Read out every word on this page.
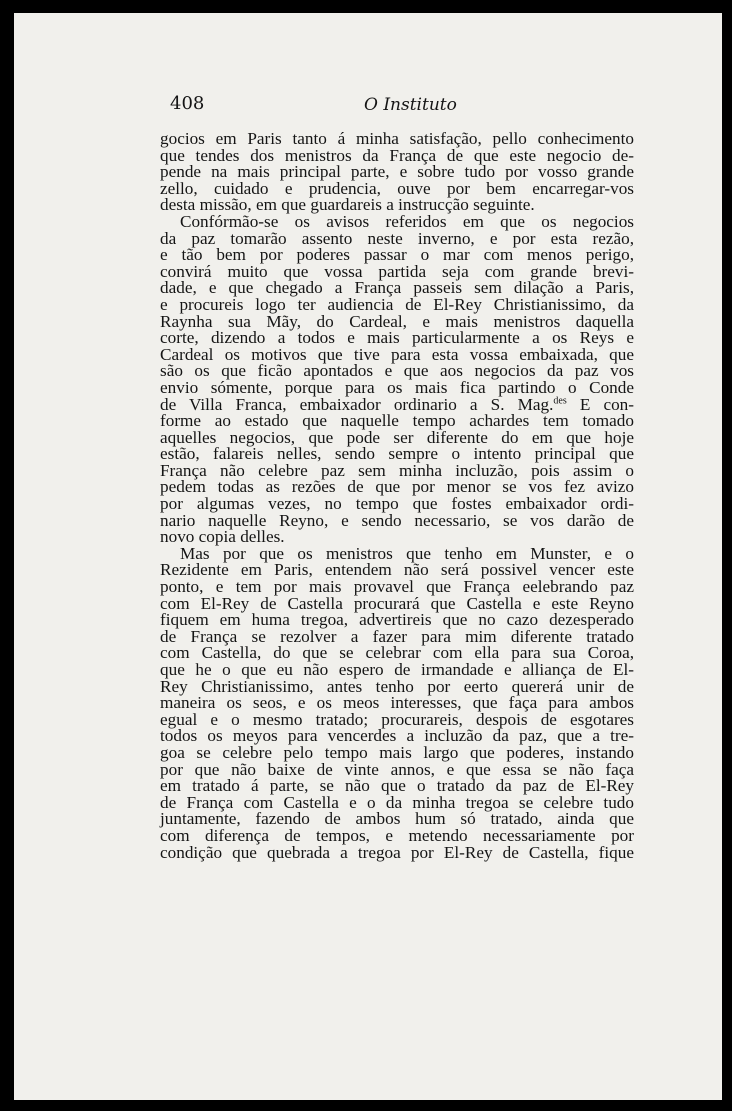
408	O Instituto
gocios em Paris tanto á minha satisfação, pello conhecimento
que tendes dos menistros da França de que este negocio de-
pende na mais principal parte, e sobre tudo por vosso grande
zello, cuidado e prudencia, ouve por bem encarregar-vos
desta missão, em que guardareis a instrucção seguinte.
Confórmão-se os avisos referidos em que os negocios
da paz tomarão assento neste inverno, e por esta rezão,
e tão bem por poderes passar o mar com menos perigo,
convirá muito que vossa partida seja com grande brevi-
dade, e que chegado a França passeis sem dilação a Paris,
e procureis logo ter audiencia de El-Rey Christianissimo, da
Raynha sua Mãy, do Cardeal, e mais menistros daquella
corte, dizendo a todos e mais particularmente a os Reys e
Cardeal os motivos que tive para esta vossa embaixada, que
são os que ficão apontados e que aos negocios da paz vos
envio sómente, porque para os mais fica partindo o Conde
de Villa Franca, embaixador ordinario a S. Mag.$^{des}$ E con-
forme ao estado que naquelle tempo achardes tem tomado
aquelles negocios, que pode ser diferente do em que hoje
estão, falareis nelles, sendo sempre o intento principal que
França não celebre paz sem minha incluzão, pois assim o
pedem todas as rezões de que por menor se vos fez avizo
por algumas vezes, no tempo que fostes embaixador ordi-
nario naquelle Reyno, e sendo necessario, se vos darão de
novo copia delles.
Mas por que os menistros que tenho em Munster, e o
Rezidente em Paris, entendem não será possivel vencer este
ponto, e tem por mais provavel que França eelebrando paz
com El-Rey de Castella procurará que Castella e este Reyno
fiquem em huma tregoa, advertireis que no cazo dezesperado
de França se rezolver a fazer para mim diferente tratado
com Castella, do que se celebrar com ella para sua Coroa,
que he o que eu não espero de irmandade e alliança de El-
Rey Christianissimo, antes tenho por eerto quererá unir de
maneira os seos, e os meos interesses, que faça para ambos
egual e o mesmo tratado; procurareis, despois de esgotares
todos os meyos para vencerdes a incluzão da paz, que a tre-
goa se celebre pelo tempo mais largo que poderes, instando
por que não baixe de vinte annos, e que essa se não faça
em tratado á parte, se não que o tratado da paz de El-Rey
de França com Castella e o da minha tregoa se celebre tudo
juntamente, fazendo de ambos hum só tratado, ainda que
com diferença de tempos, e metendo necessariamente por
condição que quebrada a tregoa por El-Rey de Castella, fique
